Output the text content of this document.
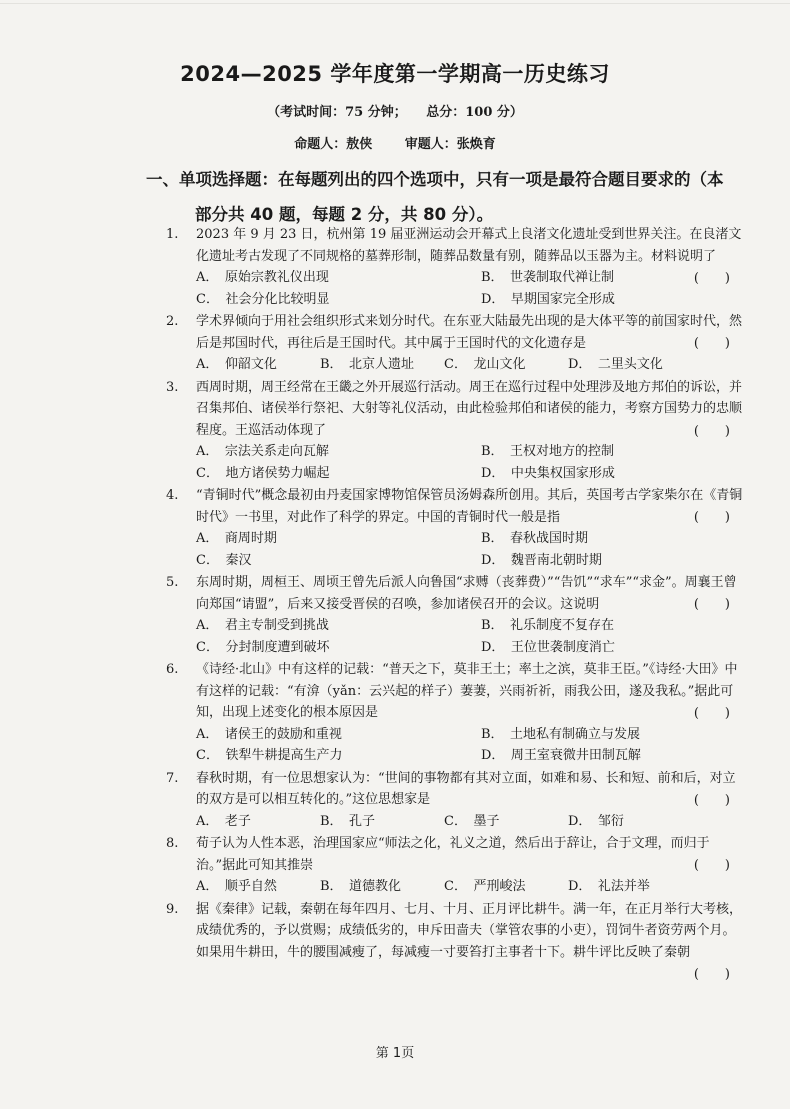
2024—2025 学年度第一学期高一历史练习
（考试时间：75 分钟；　　总分：100 分）
命题人：敖侠	审题人：张焕育
一、单项选择题：在每题列出的四个选项中，只有一项是最符合题目要求的（本
部分共 40 题，每题 2 分，共 80 分）。
1.	2023 年 9 月 23 日，杭州第 19 届亚洲运动会开幕式上良渚文化遗址受到世界关注。在良渚文化遗址考古发现了不同规格的墓葬形制，随葬品数量有别，随葬品以玉器为主。材料说明了
(　　)
A．　原始宗教礼仪出现	B．　世袭制取代禅让制
C．　社会分化比较明显	D．　早期国家完全形成
2.	学术界倾向于用社会组织形式来划分时代。在东亚大陆最先出现的是大体平等的前国家时代，然后是邦国时代，再往后是王国时代。其中属于王国时代的文化遗存是	(　　)
A．　仰韶文化	B．　北京人遗址	C．　龙山文化	D．　二里头文化
3.	西周时期，周王经常在王畿之外开展巡行活动。周王在巡行过程中处理涉及地方邦伯的诉讼，并召集邦伯、诸侯举行祭祀、大射等礼仪活动，由此检验邦伯和诸侯的能力，考察方国势力的忠顺程度。王巡活动体现了	(　　)
A．　宗法关系走向瓦解	B．　王权对地方的控制
C．　地方诸侯势力崛起	D．　中央集权国家形成
4.	“青铜时代”概念最初由丹麦国家博物馆保管员汤姆森所创用。其后，英国考古学家柴尔在《青铜时代》一书里，对此作了科学的界定。中国的青铜时代一般是指	(　　)
A．　商周时期	B．　春秋战国时期
C．　秦汉	D．　魏晋南北朝时期
5.	东周时期，周桓王、周顷王曾先后派人向鲁国“求赙（丧葬费）”“告饥”“求车”“求金”。周襄王曾向郑国“请盟”，后来又接受晋侯的召唤，参加诸侯召开的会议。这说明	(　　)
A．　君主专制受到挑战	B．　礼乐制度不复存在
C．　分封制度遭到破坏	D．　王位世袭制度消亡
6.	《诗经·北山》中有这样的记载：“普天之下，莫非王土；率土之滨，莫非王臣。”《诗经·大田》中有这样的记载：“有渰（yǎn：云兴起的样子）萋萋，兴雨祈祈，雨我公田，遂及我私。”据此可知，出现上述变化的根本原因是	(　　)
A．　诸侯王的鼓励和重视	B．　土地私有制确立与发展
C．　铁犁牛耕提高生产力	D．　周王室衰微井田制瓦解
7.	春秋时期，有一位思想家认为：“世间的事物都有其对立面，如难和易、长和短、前和后，对立的双方是可以相互转化的。”这位思想家是	(　　)
A．　老子	B．　孔子	C．　墨子	D．　邹衍
8.	荀子认为人性本恶，治理国家应“师法之化，礼义之道，然后出于辞让，合于文理，而归于治。”据此可知其推崇	(　　)
A．　顺乎自然	B．　道德教化	C．　严刑峻法	D．　礼法并举
9.	据《秦律》记载，秦朝在每年四月、七月、十月、正月评比耕牛。满一年，在正月举行大考核，成绩优秀的，予以赏赐；成绩低劣的，申斥田啬夫（掌管农事的小吏），罚饲牛者资劳两个月。如果用牛耕田，牛的腰围减瘦了，每减瘦一寸要笞打主事者十下。耕牛评比反映了秦朝
(　　)
第 1页
